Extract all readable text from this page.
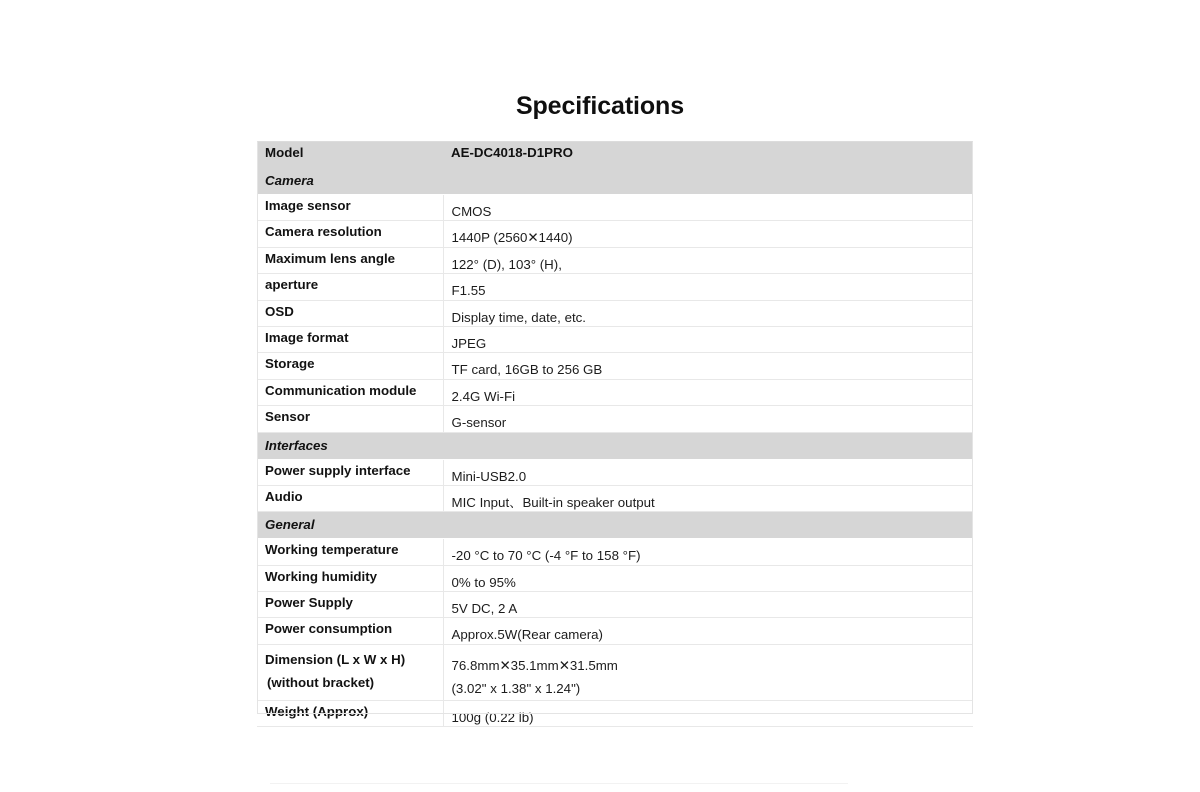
Specifications
Model	AE-DC4018-D1PRO

Camera	

Image sensor	CMOS

Camera resolution	1440P (2560✕1440)

Maximum lens angle	122° (D), 103° (H),

aperture	F1.55

OSD	Display time, date, etc.

Image format	JPEG

Storage	TF card, 16GB to 256 GB

Communication module	2.4G Wi-Fi

Sensor	G-sensor

Interfaces	

Power supply interface	Mini-USB2.0

Audio	MIC Input、Built-in speaker output

General	

Working temperature	-20 °C to 70 °C (-4 °F to 158 °F)

Working humidity	0% to 95%

Power Supply	5V DC, 2 A

Power consumption	Approx.5W(Rear camera)

Dimension (L x W x H)
(without bracket)	76.8mm✕35.1mm✕31.5mm
(3.02" x 1.38" x 1.24")

Weight (Approx)	100g (0.22 lb)
